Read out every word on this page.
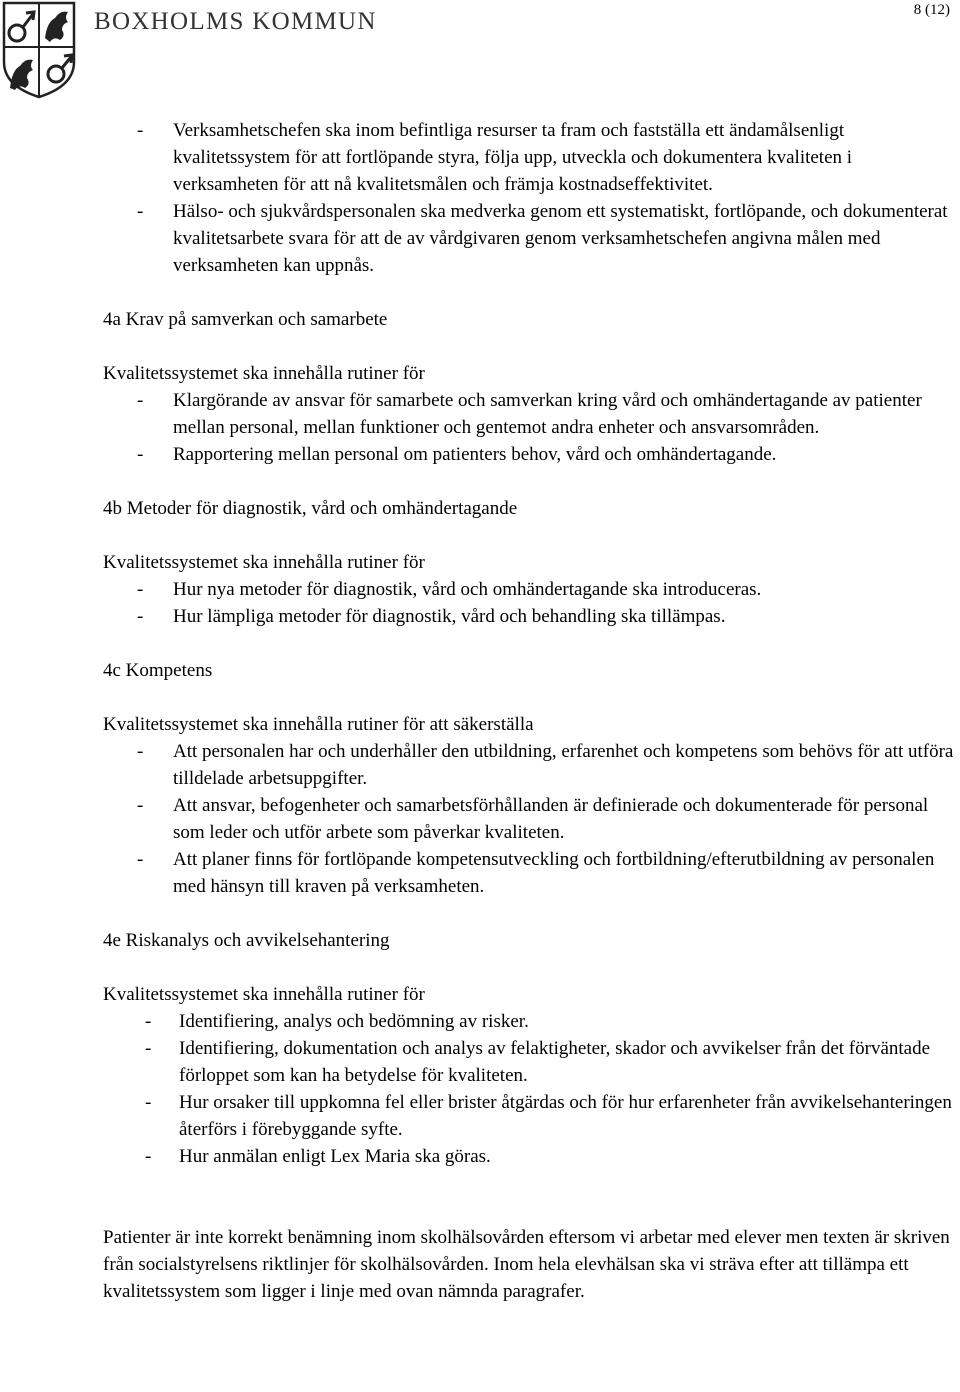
BOXHOLMS KOMMUN	8 (12)
- Verksamhetschefen ska inom befintliga resurser ta fram och fastställa ett ändamålsenligt kvalitetssystem för att fortlöpande styra, följa upp, utveckla och dokumentera kvaliteten i verksamheten för att nå kvalitetsmålen och främja kostnadseffektivitet.
- Hälso- och sjukvårdspersonalen ska medverka genom ett systematiskt, fortlöpande, och dokumenterat kvalitetsarbete svara för att de av vårdgivaren genom verksamhetschefen angivna målen med verksamheten kan uppnås.

4a Krav på samverkan och samarbete

Kvalitetssystemet ska innehålla rutiner för

- Klargörande av ansvar för samarbete och samverkan kring vård och omhändertagande av patienter mellan personal, mellan funktioner och gentemot andra enheter och ansvarsområden.
- Rapportering mellan personal om patienters behov, vård och omhändertagande.

4b Metoder för diagnostik, vård och omhändertagande

Kvalitetssystemet ska innehålla rutiner för

- Hur nya metoder för diagnostik, vård och omhändertagande ska introduceras.
- Hur lämpliga metoder för diagnostik, vård och behandling ska tillämpas.

4c Kompetens

Kvalitetssystemet ska innehålla rutiner för att säkerställa

- Att personalen har och underhåller den utbildning, erfarenhet och kompetens som behövs för att utföra tilldelade arbetsuppgifter.
- Att ansvar, befogenheter och samarbetsförhållanden är definierade och dokumenterade för personal som leder och utför arbete som påverkar kvaliteten.
- Att planer finns för fortlöpande kompetensutveckling och fortbildning/efterutbildning av personalen med hänsyn till kraven på verksamheten.

4e Riskanalys och avvikelsehantering

Kvalitetssystemet ska innehålla rutiner för

- Identifiering, analys och bedömning av risker.
- Identifiering, dokumentation och analys av felaktigheter, skador och avvikelser från det förväntade förloppet som kan ha betydelse för kvaliteten.
- Hur orsaker till uppkomna fel eller brister åtgärdas och för hur erfarenheter från avvikelsehanteringen återförs i förebyggande syfte.
- Hur anmälan enligt Lex Maria ska göras.

Patienter är inte korrekt benämning inom skolhälsovården eftersom vi arbetar med elever men texten är skriven från socialstyrelsens riktlinjer för skolhälsovården. Inom hela elevhälsan ska vi sträva efter att tillämpa ett kvalitetssystem som ligger i linje med ovan nämnda paragrafer.
